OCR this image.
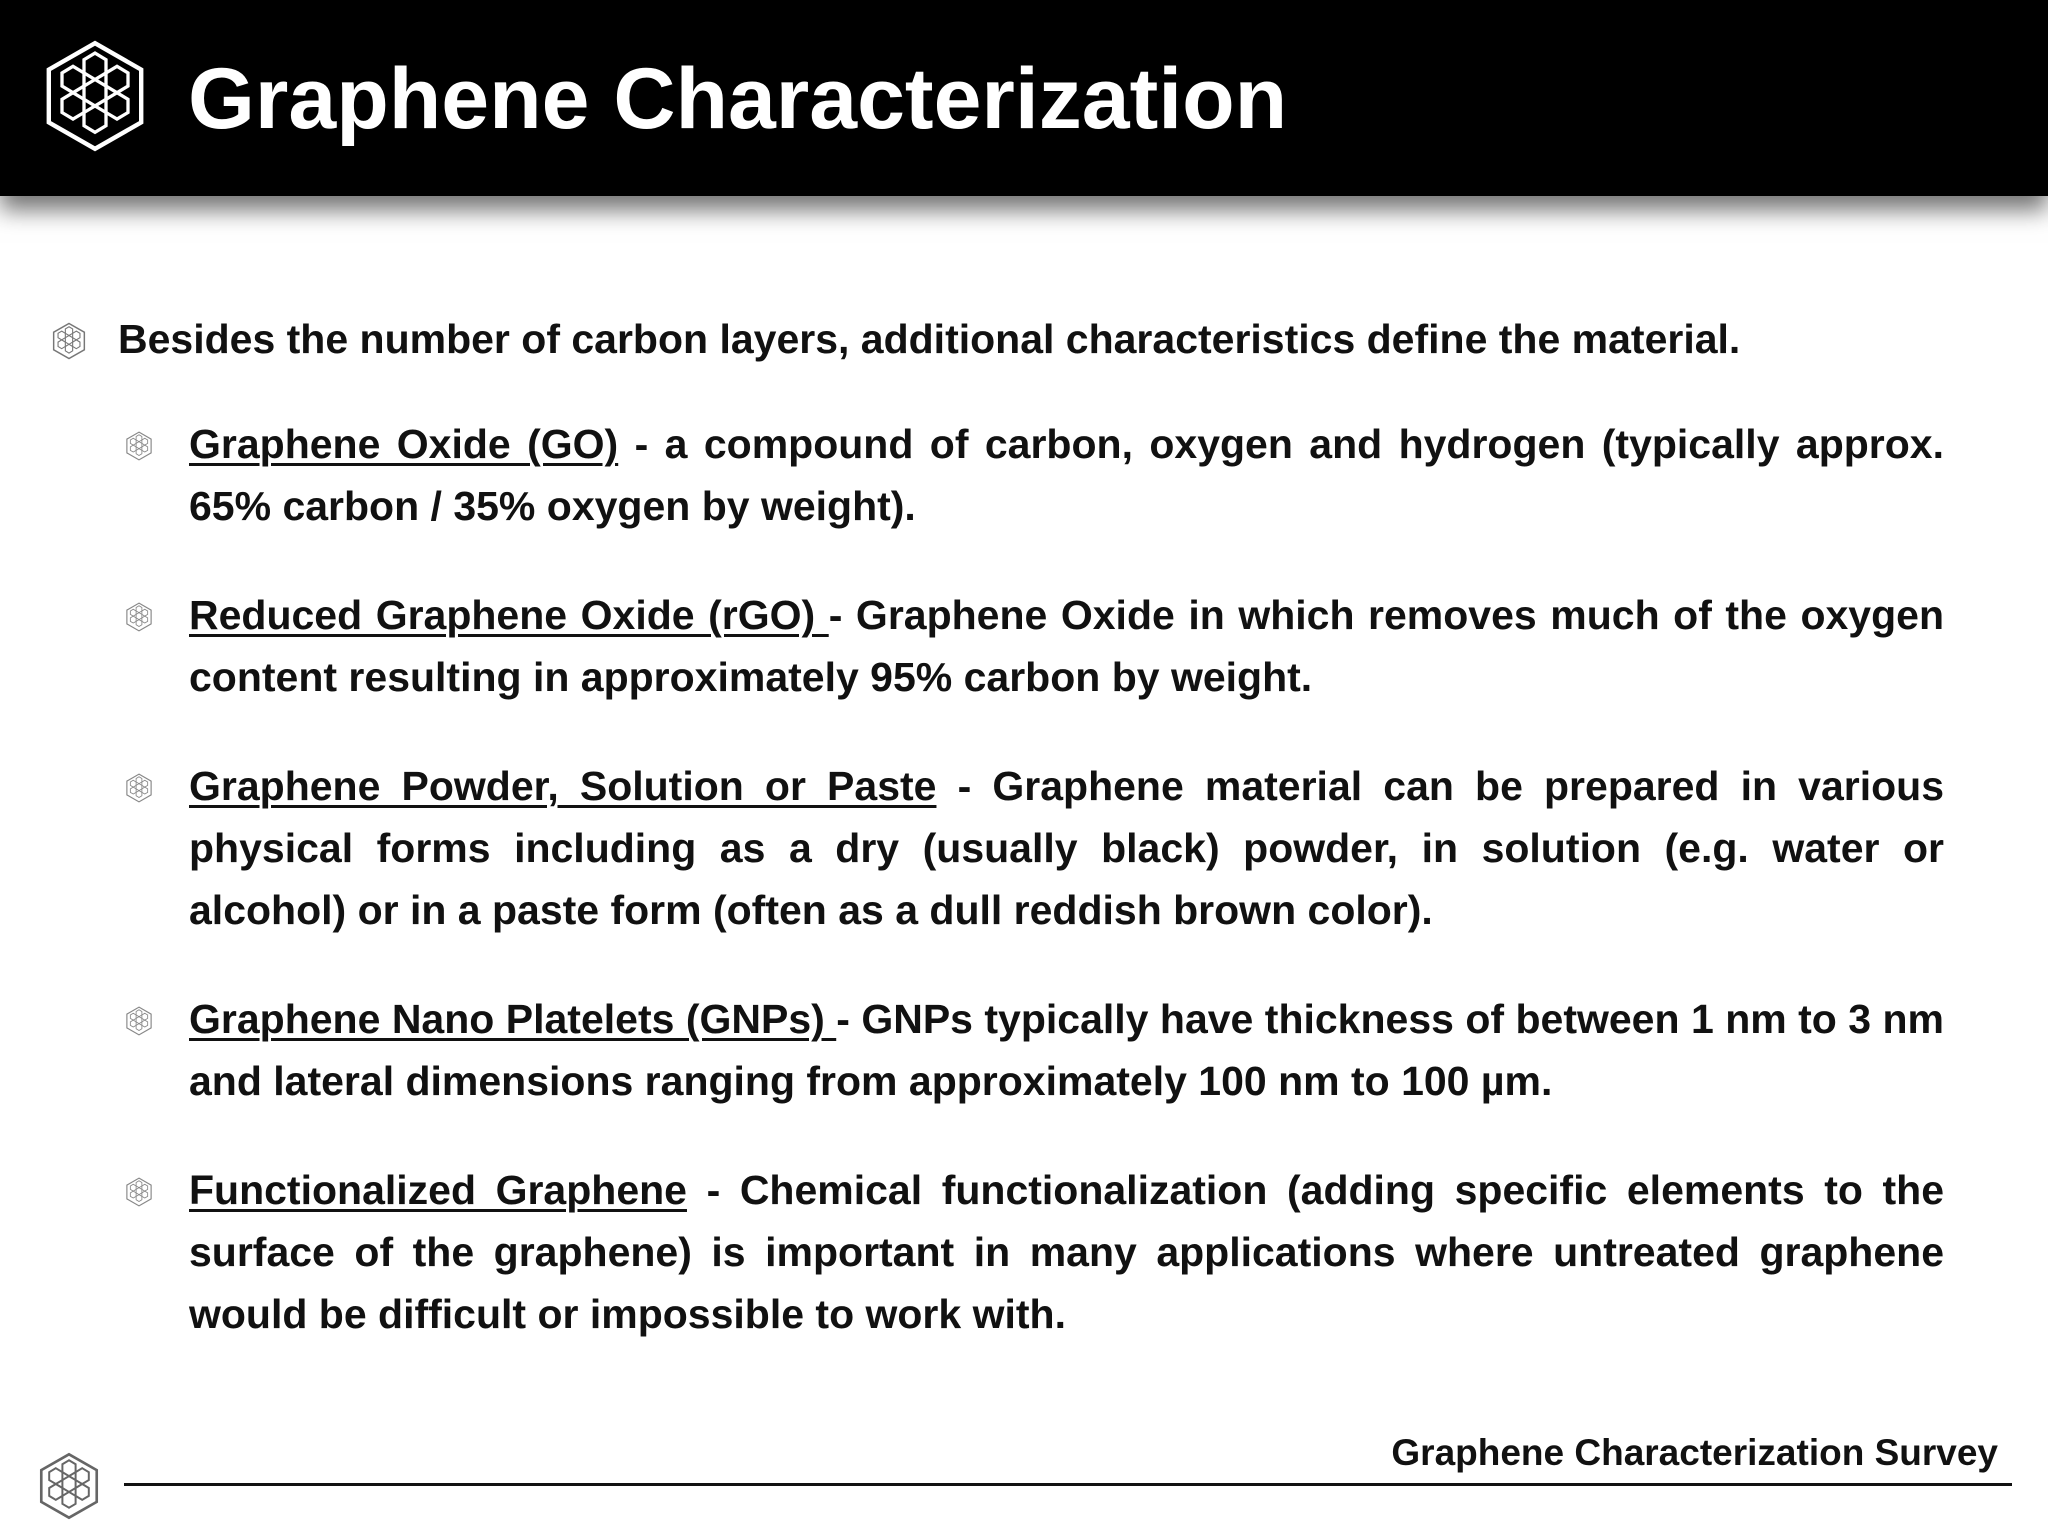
Graphene Characterization
Besides the number of carbon layers, additional characteristics define the material.
Graphene Oxide (GO) - a compound of carbon, oxygen and hydrogen (typically approx. 65% carbon / 35% oxygen by weight).
Reduced Graphene Oxide (rGO) - Graphene Oxide in which removes much of the oxygen content resulting in approximately 95% carbon by weight.
Graphene Powder, Solution or Paste - Graphene material can be prepared in various physical forms including as a dry (usually black) powder, in solution (e.g. water or alcohol) or in a paste form (often as a dull reddish brown color).
Graphene Nano Platelets (GNPs) - GNPs typically have thickness of between 1 nm to 3 nm and lateral dimensions ranging from approximately 100 nm to 100 µm.
Functionalized Graphene - Chemical functionalization (adding specific elements to the surface of the graphene) is important in many applications where untreated graphene would be difficult or impossible to work with.
Graphene Characterization Survey
